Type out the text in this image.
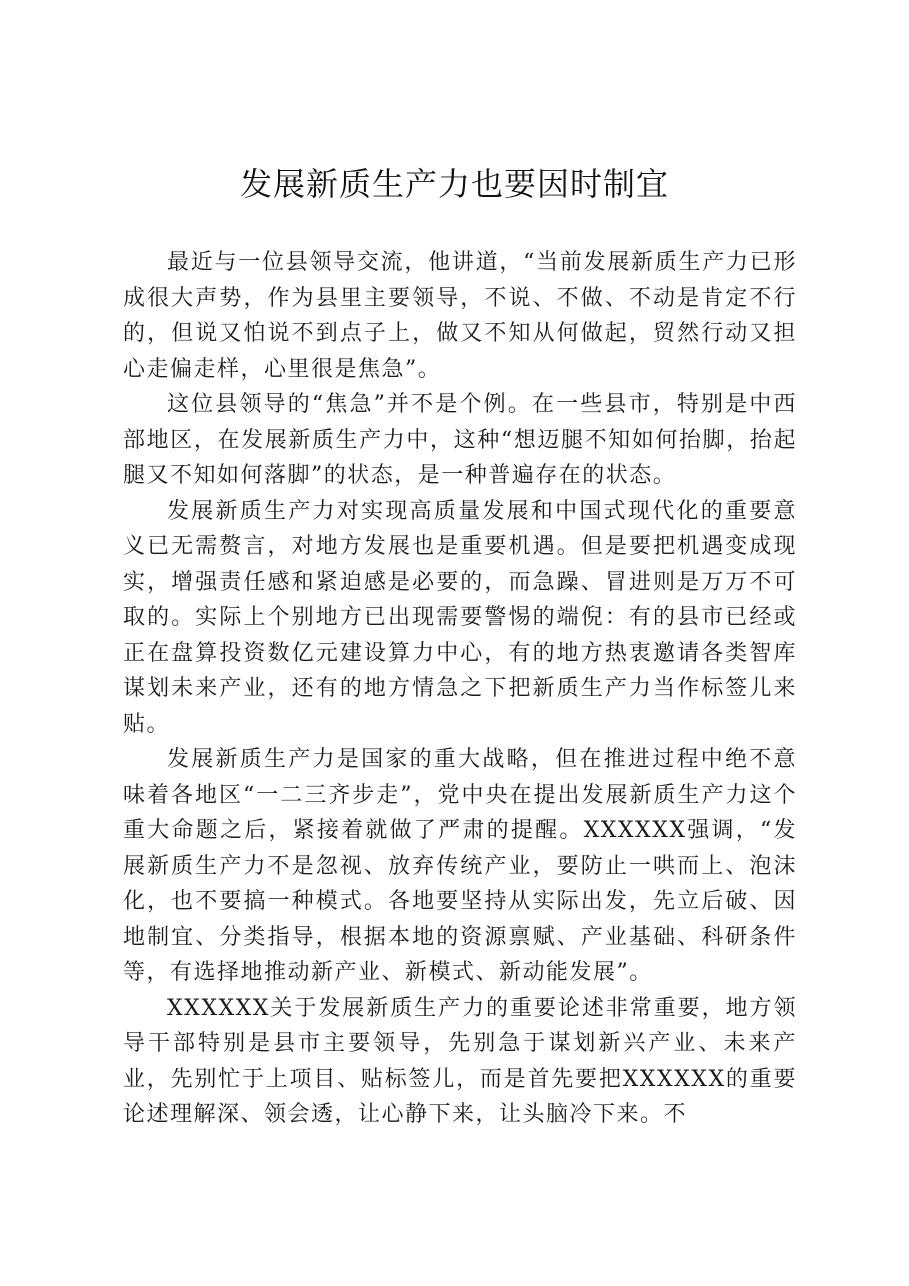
发展新质生产力也要因时制宜

最近与一位县领导交流，他讲道，“当前发展新质生产力已形成很大声势，作为县里主要领导，不说、不做、不动是肯定不行的，但说又怕说不到点子上，做又不知从何做起，贸然行动又担心走偏走样，心里很是焦急”。

这位县领导的“焦急”并不是个例。在一些县市，特别是中西部地区，在发展新质生产力中，这种“想迈腿不知如何抬脚，抬起腿又不知如何落脚”的状态，是一种普遍存在的状态。

发展新质生产力对实现高质量发展和中国式现代化的重要意义已无需赘言，对地方发展也是重要机遇。但是要把机遇变成现实，增强责任感和紧迫感是必要的，而急躁、冒进则是万万不可取的。实际上个别地方已出现需要警惕的端倪：有的县市已经或正在盘算投资数亿元建设算力中心，有的地方热衷邀请各类智库谋划未来产业，还有的地方情急之下把新质生产力当作标签儿来贴。

发展新质生产力是国家的重大战略，但在推进过程中绝不意味着各地区“一二三齐步走”，党中央在提出发展新质生产力这个重大命题之后，紧接着就做了严肃的提醒。XXXXXX强调，“发展新质生产力不是忽视、放弃传统产业，要防止一哄而上、泡沫化，也不要搞一种模式。各地要坚持从实际出发，先立后破、因地制宜、分类指导，根据本地的资源禀赋、产业基础、科研条件等，有选择地推动新产业、新模式、新动能发展”。

XXXXXX关于发展新质生产力的重要论述非常重要，地方领导干部特别是县市主要领导，先别急于谋划新兴产业、未来产业，先别忙于上项目、贴标签儿，而是首先要把XXXXXX的重要论述理解深、领会透，让心静下来，让头脑冷下来。不
